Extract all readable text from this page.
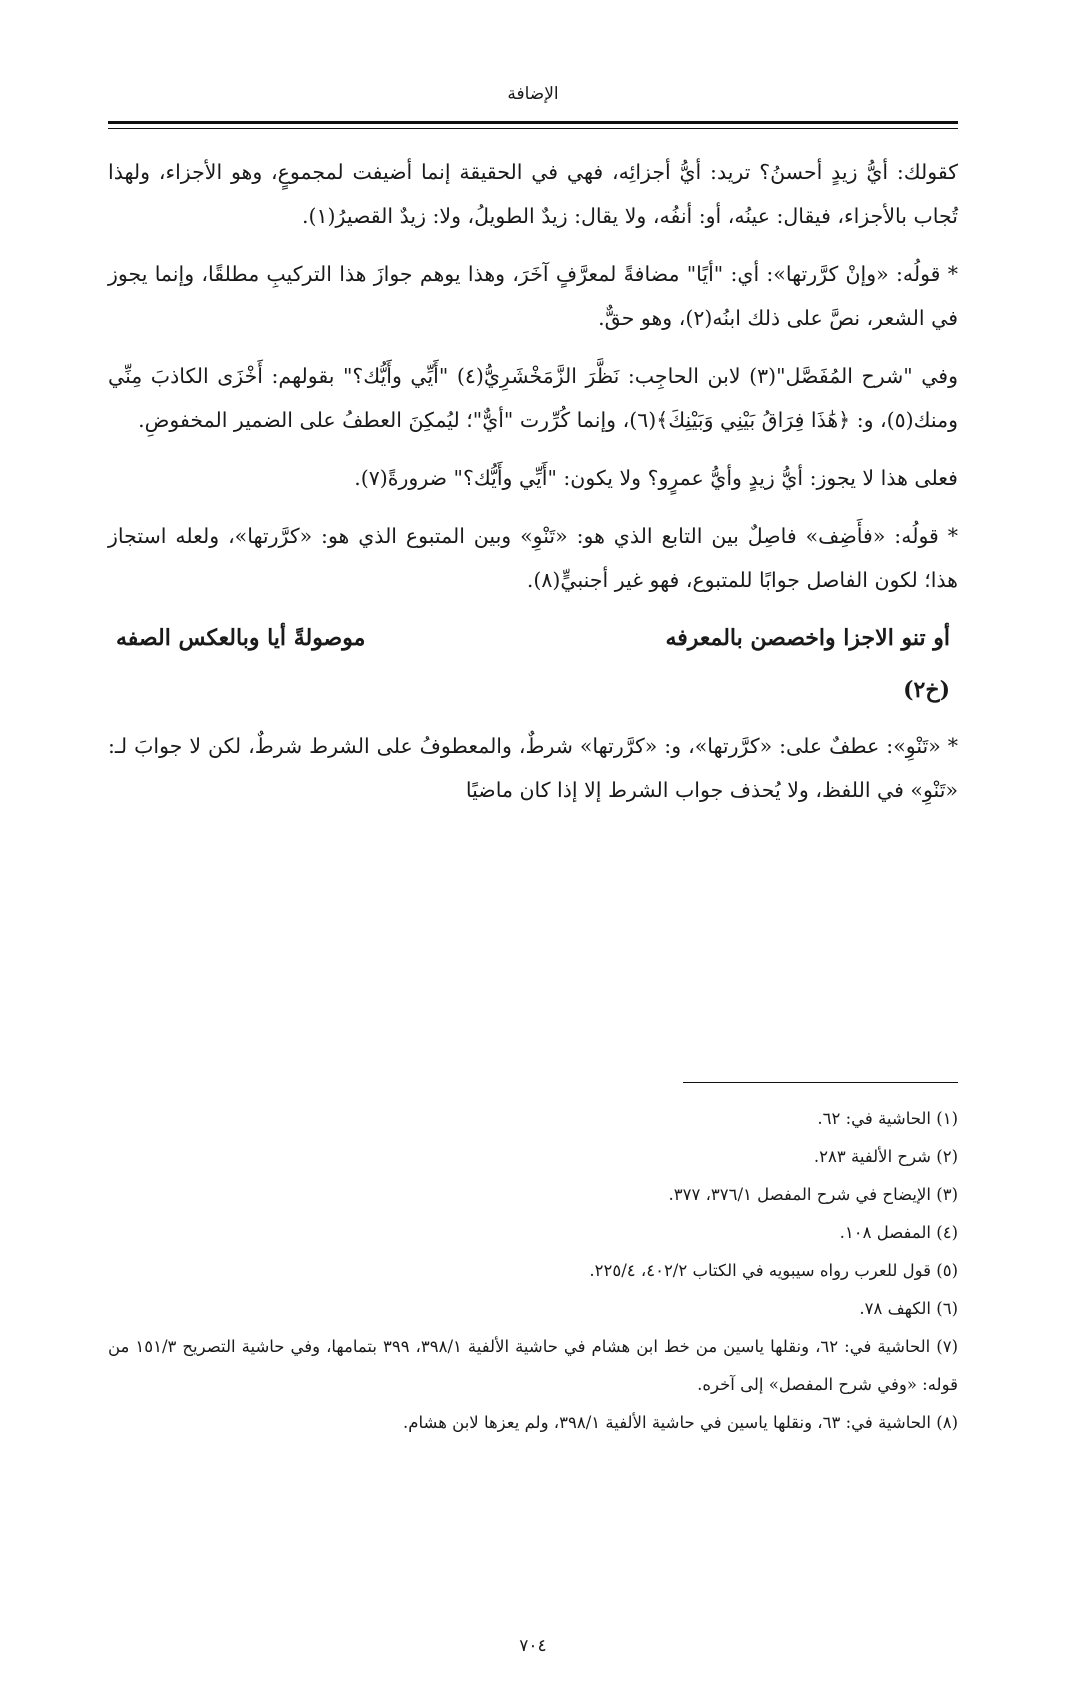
الإضافة

كقولك: أيُّ زيدٍ أحسنُ؟ تريد: أيُّ أجزائِه، فهي في الحقيقة إنما أضيفت لمجموعٍ، وهو الأجزاء، ولهذا تُجاب بالأجزاء، فيقال: عينُه، أو: أنفُه، ولا يقال: زيدٌ الطويلُ، ولا: زيدٌ القصيرُ(١).

* قولُه: «وإنْ كرَّرتها»: أي: "أيًا" مضافةً لمعرَّفٍ آخَرَ، وهذا يوهم جوازَ هذا التركيبِ مطلقًا، وإنما يجوز في الشعر، نصَّ على ذلك ابنُه(٢)، وهو حقٌّ.

وفي "شرح المُفَصَّل"(٣) لابن الحاجِب: نَظَّرَ الزَّمَخْشَرِيُّ(٤) "أَيِّي وأَيُّك؟" بقولهم: أَخْزَى الكاذبَ مِنِّي ومنك(٥)، و: ﴿هَٰذَا فِرَاقُ بَيْنِي وَبَيْنِكَ﴾(٦)، وإنما كُرِّرت "أيٌّ"؛ ليُمكِنَ العطفُ على الضمير المخفوضِ.

فعلى هذا لا يجوز: أيُّ زيدٍ وأيُّ عمرٍو؟ ولا يكون: "أَيِّي وأَيُّك؟" ضرورةً(٧).

* قولُه: «فأَضِف» فاصِلٌ بين التابع الذي هو: «تَنْوِ» وبين المتبوع الذي هو: «كرَّرتها»، ولعله استجاز هذا؛ لكون الفاصل جوابًا للمتبوع، فهو غير أجنبيٍّ(٨).

أو تنو الاجزا واخصصن بالمعرفه
موصولةً أيا وبالعكس الصفه
(خ٢)

* «تَنْوِ»: عطفٌ على: «كرَّرتها»، و: «كرَّرتها» شرطٌ، والمعطوفُ على الشرط شرطٌ، لكن لا جوابَ لـ: «تَنْوِ» في اللفظ، ولا يُحذف جواب الشرط إلا إذا كان ماضيًا

(١) الحاشية في: ٦٢.

(٢) شرح الألفية ٢٨٣.

(٣) الإيضاح في شرح المفصل ٣٧٦/١، ٣٧٧.

(٤) المفصل ١٠٨.

(٥) قول للعرب رواه سيبويه في الكتاب ٤٠٢/٢، ٢٢٥/٤.

(٦) الكهف ٧٨.

(٧) الحاشية في: ٦٢، ونقلها ياسين من خط ابن هشام في حاشية الألفية ٣٩٨/١، ٣٩٩ بتمامها، وفي حاشية التصريح ١٥١/٣ من قوله: «وفي شرح المفصل» إلى آخره.

(٨) الحاشية في: ٦٣، ونقلها ياسين في حاشية الألفية ٣٩٨/١، ولم يعزها لابن هشام.

٧٠٤
